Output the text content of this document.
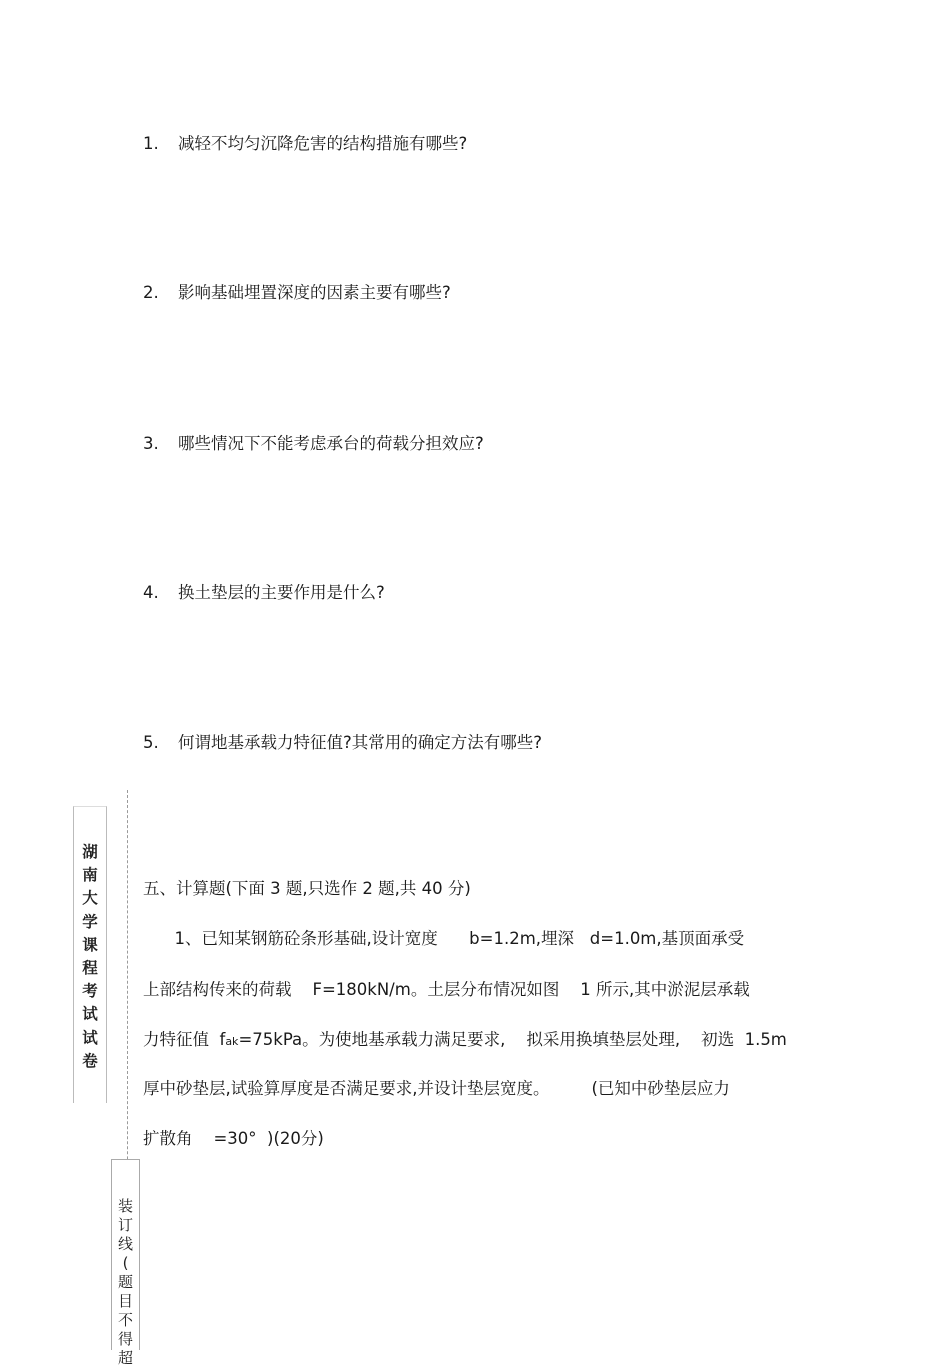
1. 减轻不均匀沉降危害的结构措施有哪些?
2. 影响基础埋置深度的因素主要有哪些?
3. 哪些情况下不能考虑承台的荷载分担效应?
4. 换土垫层的主要作用是什么?
5. 何谓地基承载力特征值?其常用的确定方法有哪些?
湖
南
大
学
课
程
考
试
试
卷
五、计算题(下面 3 题,只选作 2 题,共 40 分)
1、已知某钢筋砼条形基础,设计宽度      b=1.2m,埋深   d=1.0m,基顶面承受
上部结构传来的荷载    F=180kN/m。土层分布情况如图    1 所示,其中淤泥层承载
力特征值  fak=75kPa。为使地基承载力满足要求,    拟采用换填垫层处理,    初选  1.5m
厚中砂垫层,试验算厚度是否满足要求,并设计垫层宽度。        (已知中砂垫层应力
扩散角    =30°  )(20分)
装
订
线
(
题
目
不
得
超
